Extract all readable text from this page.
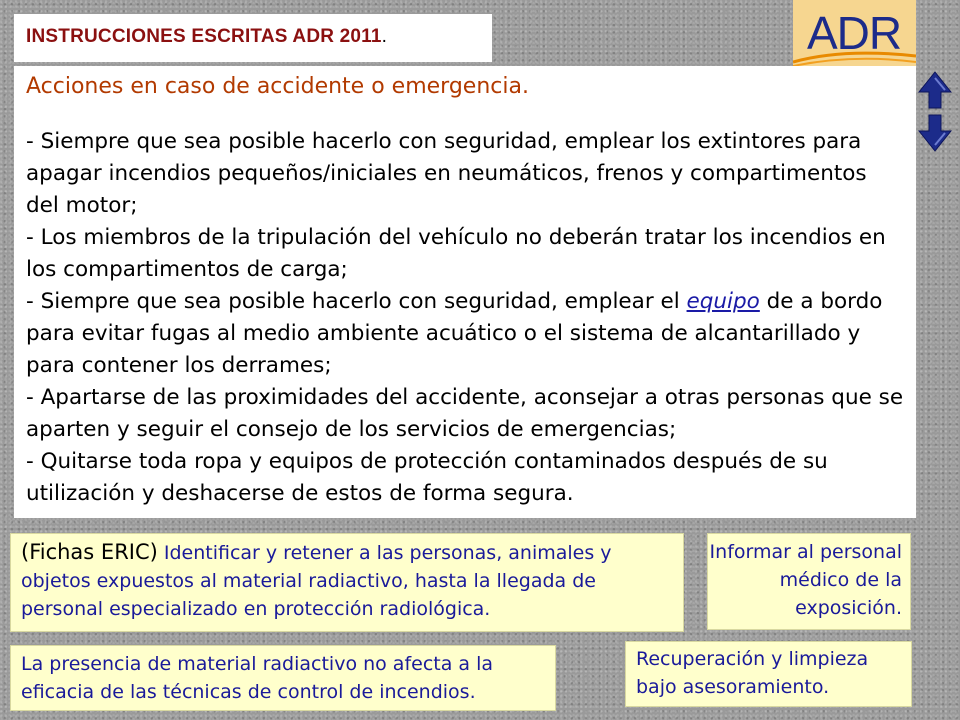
INSTRUCCIONES ESCRITAS ADR 2011.	ADR
Acciones en caso de accidente o emergencia.

- Siempre que sea posible hacerlo con seguridad, emplear los extintores para apagar incendios pequeños/iniciales en neumáticos, frenos y compartimentos del motor;

- Los miembros de la tripulación del vehículo no deberán tratar los incendios en los compartimentos de carga;

- Siempre que sea posible hacerlo con seguridad, emplear el equipo de a bordo para evitar fugas al medio ambiente acuático o el sistema de alcantarillado y para contener los derrames;

- Apartarse de las proximidades del accidente, aconsejar a otras personas que se aparten y seguir el consejo de los servicios de emergencias;

- Quitarse toda ropa y equipos de protección contaminados después de su utilización y deshacerse de estos de forma segura.

(Fichas ERIC) Identificar y retener a las personas, animales y objetos expuestos al material radiactivo, hasta la llegada de personal especializado en protección radiológica.
Informar al personal médico de la exposición.
La presencia de material radiactivo no afecta a la eficacia de las técnicas de control de incendios.
Recuperación y limpieza bajo asesoramiento.
